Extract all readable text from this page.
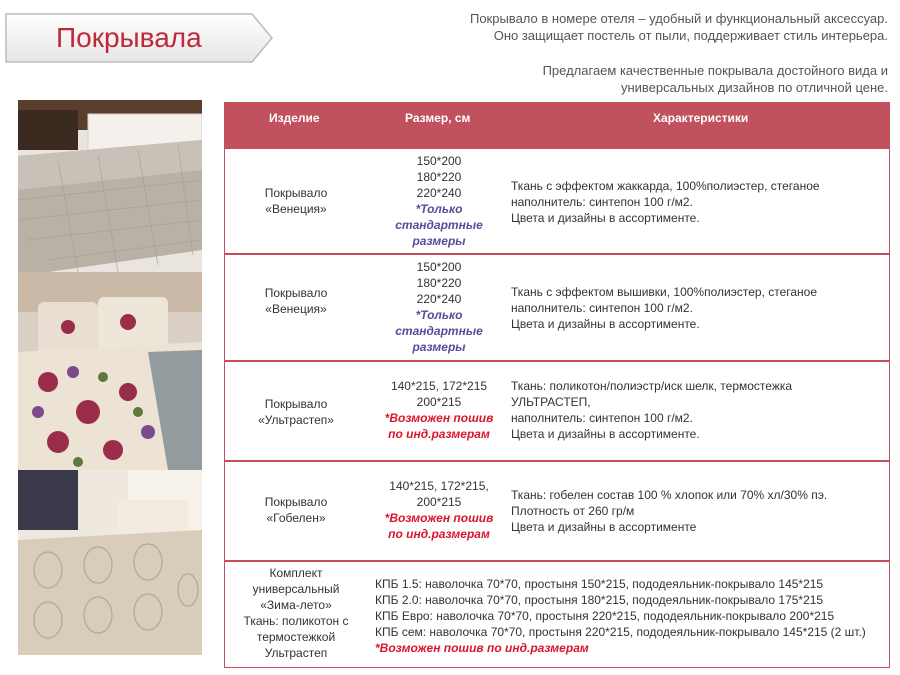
Покрывала
Покрывало в номере отеля – удобный и функциональный аксессуар.
Оно защищает постель от пыли, поддерживает стиль интерьера.
Предлагаем качественные покрывала достойного вида и
универсальных дизайнов по отличной цене.
Изделие	Размер, см	Характеристики
Покрывало
«Венеция»
150*200
180*220
220*240
*Только
стандартные
размеры
Ткань с эффектом жаккарда, 100%полиэстер, стеганое
наполнитель: синтепон 100 г/м2.
Цвета и дизайны в ассортименте.
Покрывало
«Венеция»
150*200
180*220
220*240
*Только
стандартные
размеры
Ткань с эффектом вышивки, 100%полиэстер, стеганое
наполнитель: синтепон 100 г/м2.
Цвета и дизайны в ассортименте.
Покрывало
«Ультрастеп»
140*215, 172*215
200*215
*Возможен пошив
по инд.размерам
Ткань: поликотон/полиэстр/иск шелк, термостежка
УЛЬТРАСТЕП,
наполнитель: синтепон 100 г/м2.
Цвета и дизайны в ассортименте.
Покрывало
«Гобелен»
140*215, 172*215,
200*215
*Возможен пошив
по инд.размерам
Ткань: гобелен состав 100 % хлопок или 70% хл/30% пэ.
Плотность от 260 гр/м
Цвета и дизайны в ассортименте
Комплект
универсальный
«Зима-лето»
Ткань: поликотон с
термостежкой
Ультрастеп
КПБ 1.5: наволочка 70*70, простыня 150*215, пододеяльник-покрывало 145*215
КПБ 2.0: наволочка 70*70, простыня 180*215, пододеяльник-покрывало 175*215
КПБ Евро: наволочка 70*70, простыня 220*215, пододеяльник-покрывало 200*215
КПБ сем: наволочка 70*70, простыня 220*215, пододеяльник-покрывало 145*215 (2 шт.)
*Возможен пошив по инд.размерам
